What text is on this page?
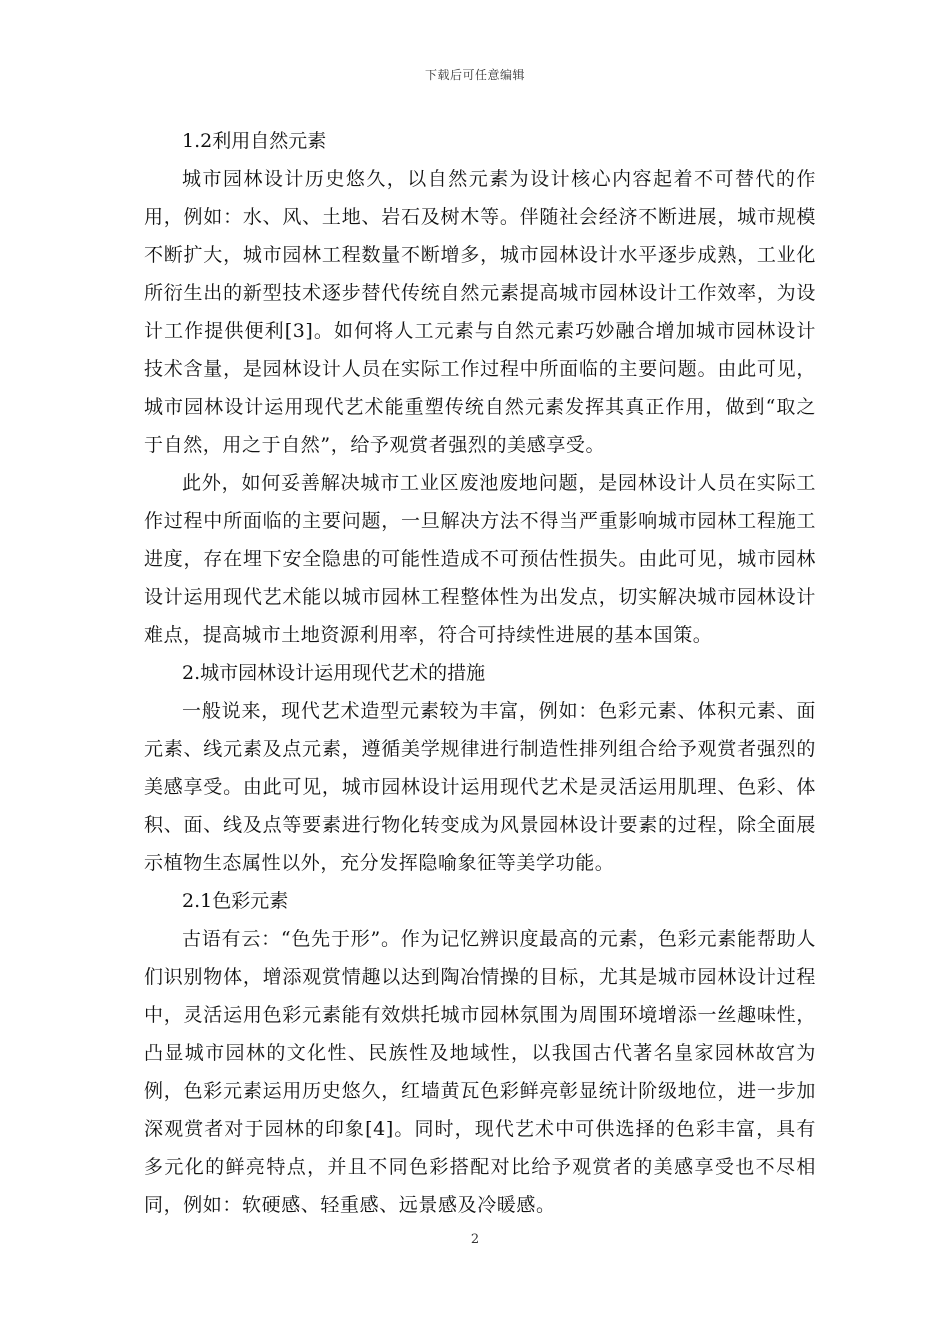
下载后可任意编辑

1.2利用自然元素

城市园林设计历史悠久，以自然元素为设计核心内容起着不可替代的作用，例如：水、风、土地、岩石及树木等。伴随社会经济不断进展，城市规模不断扩大，城市园林工程数量不断增多，城市园林设计水平逐步成熟，工业化所衍生出的新型技术逐步替代传统自然元素提高城市园林设计工作效率，为设计工作提供便利[3]。如何将人工元素与自然元素巧妙融合增加城市园林设计技术含量，是园林设计人员在实际工作过程中所面临的主要问题。由此可见，城市园林设计运用现代艺术能重塑传统自然元素发挥其真正作用，做到“取之于自然，用之于自然”，给予观赏者强烈的美感享受。

此外，如何妥善解决城市工业区废池废地问题，是园林设计人员在实际工作过程中所面临的主要问题，一旦解决方法不得当严重影响城市园林工程施工进度，存在埋下安全隐患的可能性造成不可预估性损失。由此可见，城市园林设计运用现代艺术能以城市园林工程整体性为出发点，切实解决城市园林设计难点，提高城市土地资源利用率，符合可持续性进展的基本国策。

2.城市园林设计运用现代艺术的措施

一般说来，现代艺术造型元素较为丰富，例如：色彩元素、体积元素、面元素、线元素及点元素，遵循美学规律进行制造性排列组合给予观赏者强烈的美感享受。由此可见，城市园林设计运用现代艺术是灵活运用肌理、色彩、体积、面、线及点等要素进行物化转变成为风景园林设计要素的过程，除全面展示植物生态属性以外，充分发挥隐喻象征等美学功能。

2.1色彩元素

古语有云：“色先于形”。作为记忆辨识度最高的元素，色彩元素能帮助人们识别物体，增添观赏情趣以达到陶冶情操的目标，尤其是城市园林设计过程中，灵活运用色彩元素能有效烘托城市园林氛围为周围环境增添一丝趣味性，凸显城市园林的文化性、民族性及地域性，以我国古代著名皇家园林故宫为例，色彩元素运用历史悠久，红墙黄瓦色彩鲜亮彰显统计阶级地位，进一步加深观赏者对于园林的印象[4]。同时，现代艺术中可供选择的色彩丰富，具有多元化的鲜亮特点，并且不同色彩搭配对比给予观赏者的美感享受也不尽相同，例如：软硬感、轻重感、远景感及冷暖感。

2
